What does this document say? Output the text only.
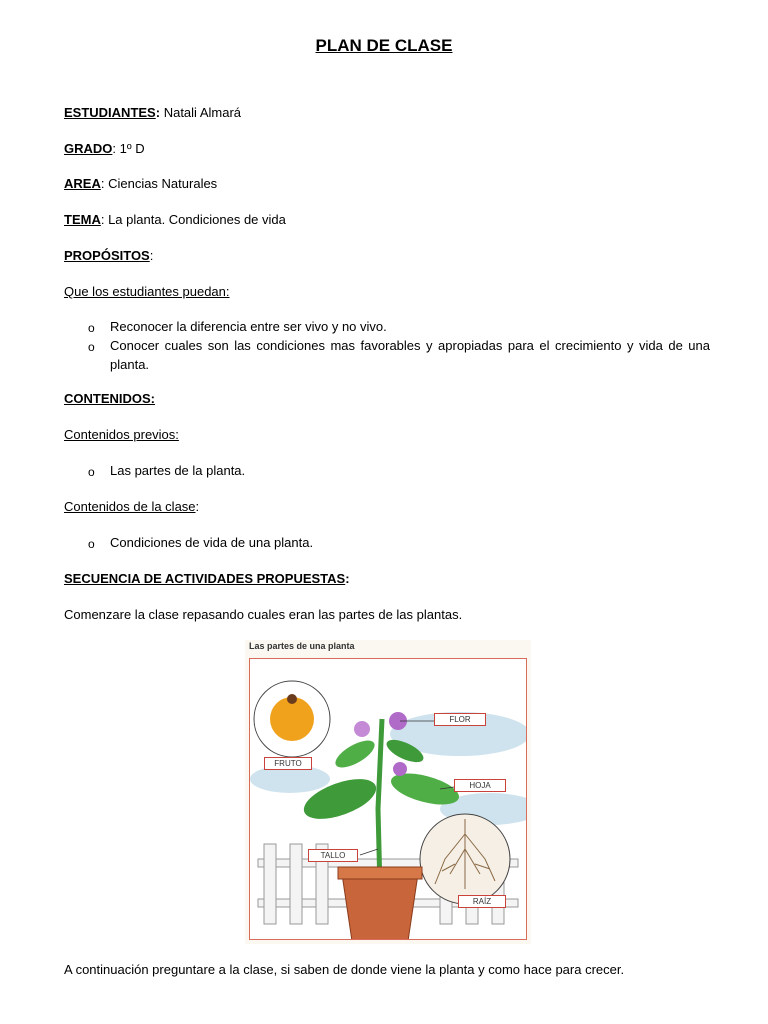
PLAN DE CLASE
ESTUDIANTES: Natali Almará
GRADO: 1º D
AREA: Ciencias Naturales
TEMA: La planta. Condiciones de vida
PROPÓSITOS:
Que los estudiantes puedan:
o	Reconocer la diferencia entre ser vivo y no vivo.
o	Conocer cuales son las condiciones mas favorables y apropiadas para el crecimiento y vida de una planta.
CONTENIDOS:
Contenidos previos:
o	Las partes de la planta.
Contenidos de la clase:
o	Condiciones de vida de una planta.
SECUENCIA DE ACTIVIDADES PROPUESTAS:
Comenzare la clase repasando cuales eran las partes de las plantas.
Las partes de una planta
FLOR
FRUTO
HOJA
TALLO
RAÍZ
A continuación preguntare a la clase, si saben de donde viene la planta y como hace para crecer.
